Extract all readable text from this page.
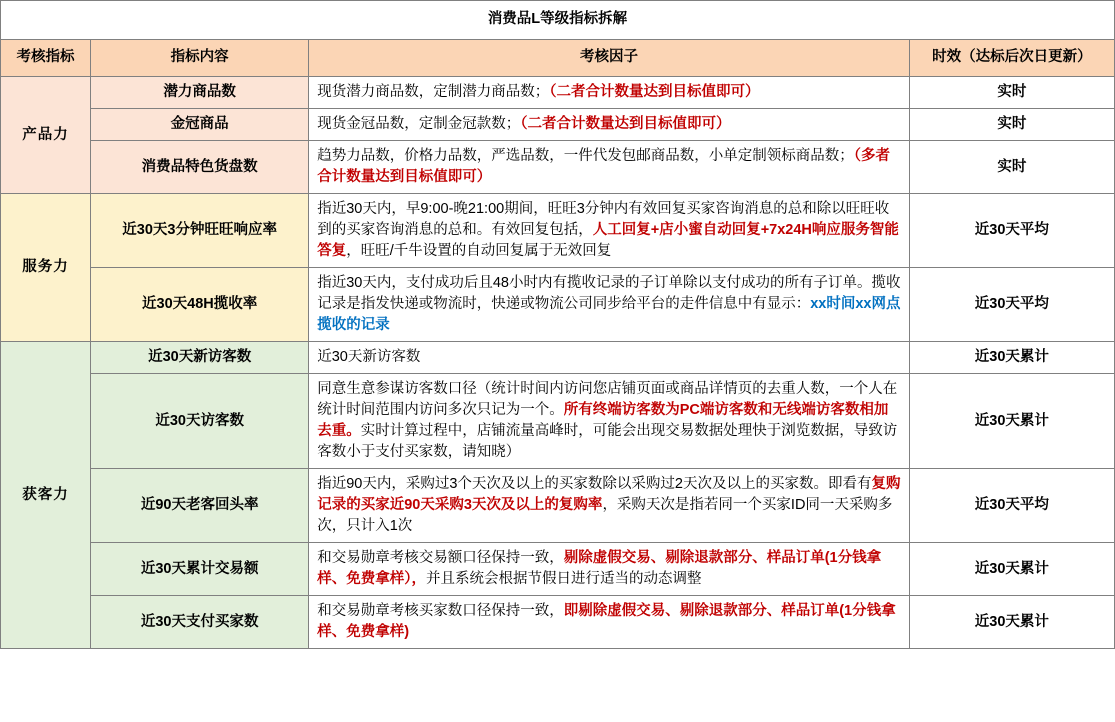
消费品L等级指标拆解			
考核指标	指标内容	考核因子	时效（达标后次日更新）
产品力	潜力商品数	现货潜力商品数，定制潜力商品数；（二者合计数量达到目标值即可）	实时
	金冠商品	现货金冠品数，定制金冠款数；（二者合计数量达到目标值即可）	实时
	消费品特色货盘数	趋势力品数，价格力品数，严选品数，一件代发包邮商品数，小单定制领标商品数；（多者合计数量达到目标值即可）	实时
服务力	近30天3分钟旺旺响应率	指近30天内，早9:00-晚21:00期间，旺旺3分钟内有效回复买家咨询消息的总和除以旺旺收到的买家咨询消息的总和。有效回复包括，人工回复+店小蜜自动回复+7x24H响应服务智能答复，旺旺/千牛设置的自动回复属于无效回复	近30天平均
	近30天48H揽收率	指近30天内，支付成功后且48小时内有揽收记录的子订单除以支付成功的所有子订单。揽收记录是指发快递或物流时，快递或物流公司同步给平台的走件信息中有显示：xx时间xx网点揽收的记录	近30天平均
获客力	近30天新访客数	近30天新访客数	近30天累计
	近30天访客数	同意生意参谋访客数口径（统计时间内访问您店铺页面或商品详情页的去重人数，一个人在统计时间范围内访问多次只记为一个。所有终端访客数为PC端访客数和无线端访客数相加去重。实时计算过程中，店铺流量高峰时，可能会出现交易数据处理快于浏览数据，导致访客数小于支付买家数，请知晓）	近30天累计
	近90天老客回头率	指近90天内，采购过3个天次及以上的买家数除以采购过2天次及以上的买家数。即看有复购记录的买家近90天采购3天次及以上的复购率，采购天次是指若同一个买家ID同一天采购多次，只计入1次	近30天平均
	近30天累计交易额	和交易勋章考核交易额口径保持一致，剔除虚假交易、剔除退款部分、样品订单(1分钱拿样、免费拿样），并且系统会根据节假日进行适当的动态调整	近30天累计
	近30天支付买家数	和交易勋章考核买家数口径保持一致，即剔除虚假交易、剔除退款部分、样品订单(1分钱拿样、免费拿样)	近30天累计
